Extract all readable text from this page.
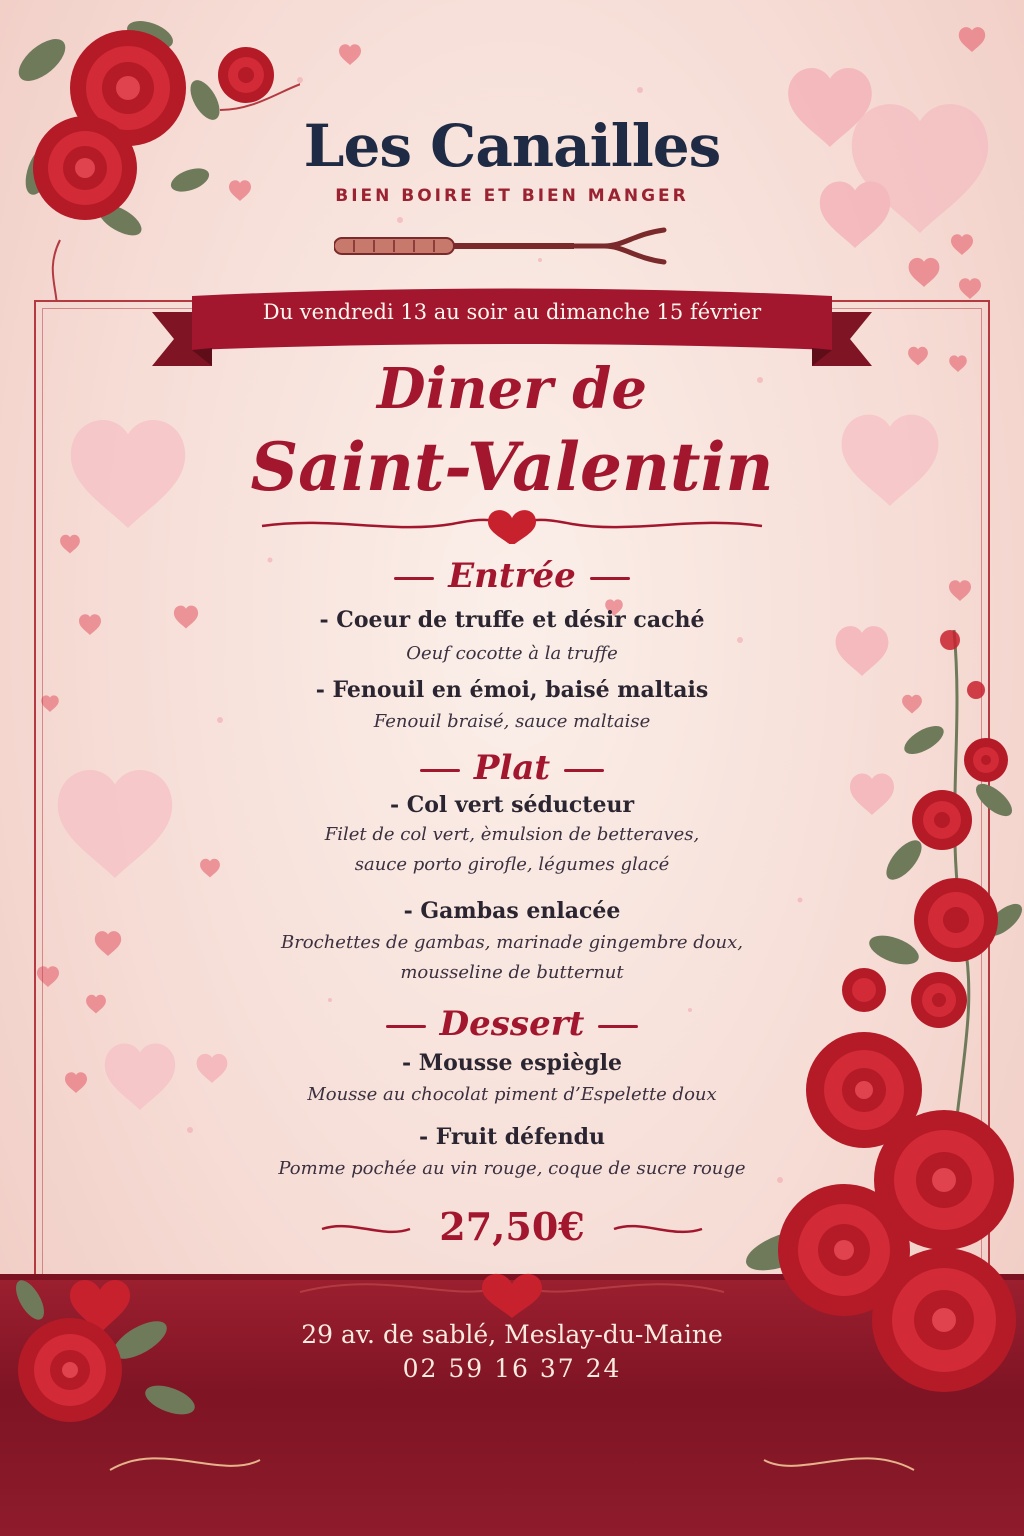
Les Canailles
BIEN BOIRE ET BIEN MANGER
Du vendredi 13 au soir au dimanche 15 février
Diner de
Saint-Valentin
Entrée
- Coeur de truffe et désir caché
Oeuf cocotte à la truffe
- Fenouil en émoi, baisé maltais
Fenouil braisé, sauce maltaise
Plat
- Col vert séducteur
Filet de col vert, èmulsion de betteraves,
sauce porto girofle, légumes glacé
- Gambas enlacée
Brochettes de gambas, marinade gingembre doux,
mousseline de butternut
Dessert
- Mousse espiègle
Mousse au chocolat piment d’Espelette doux
- Fruit défendu
Pomme pochée au vin rouge, coque de sucre rouge
27,50€
29 av. de sablé, Meslay-du-Maine
02 59 16 37 24
